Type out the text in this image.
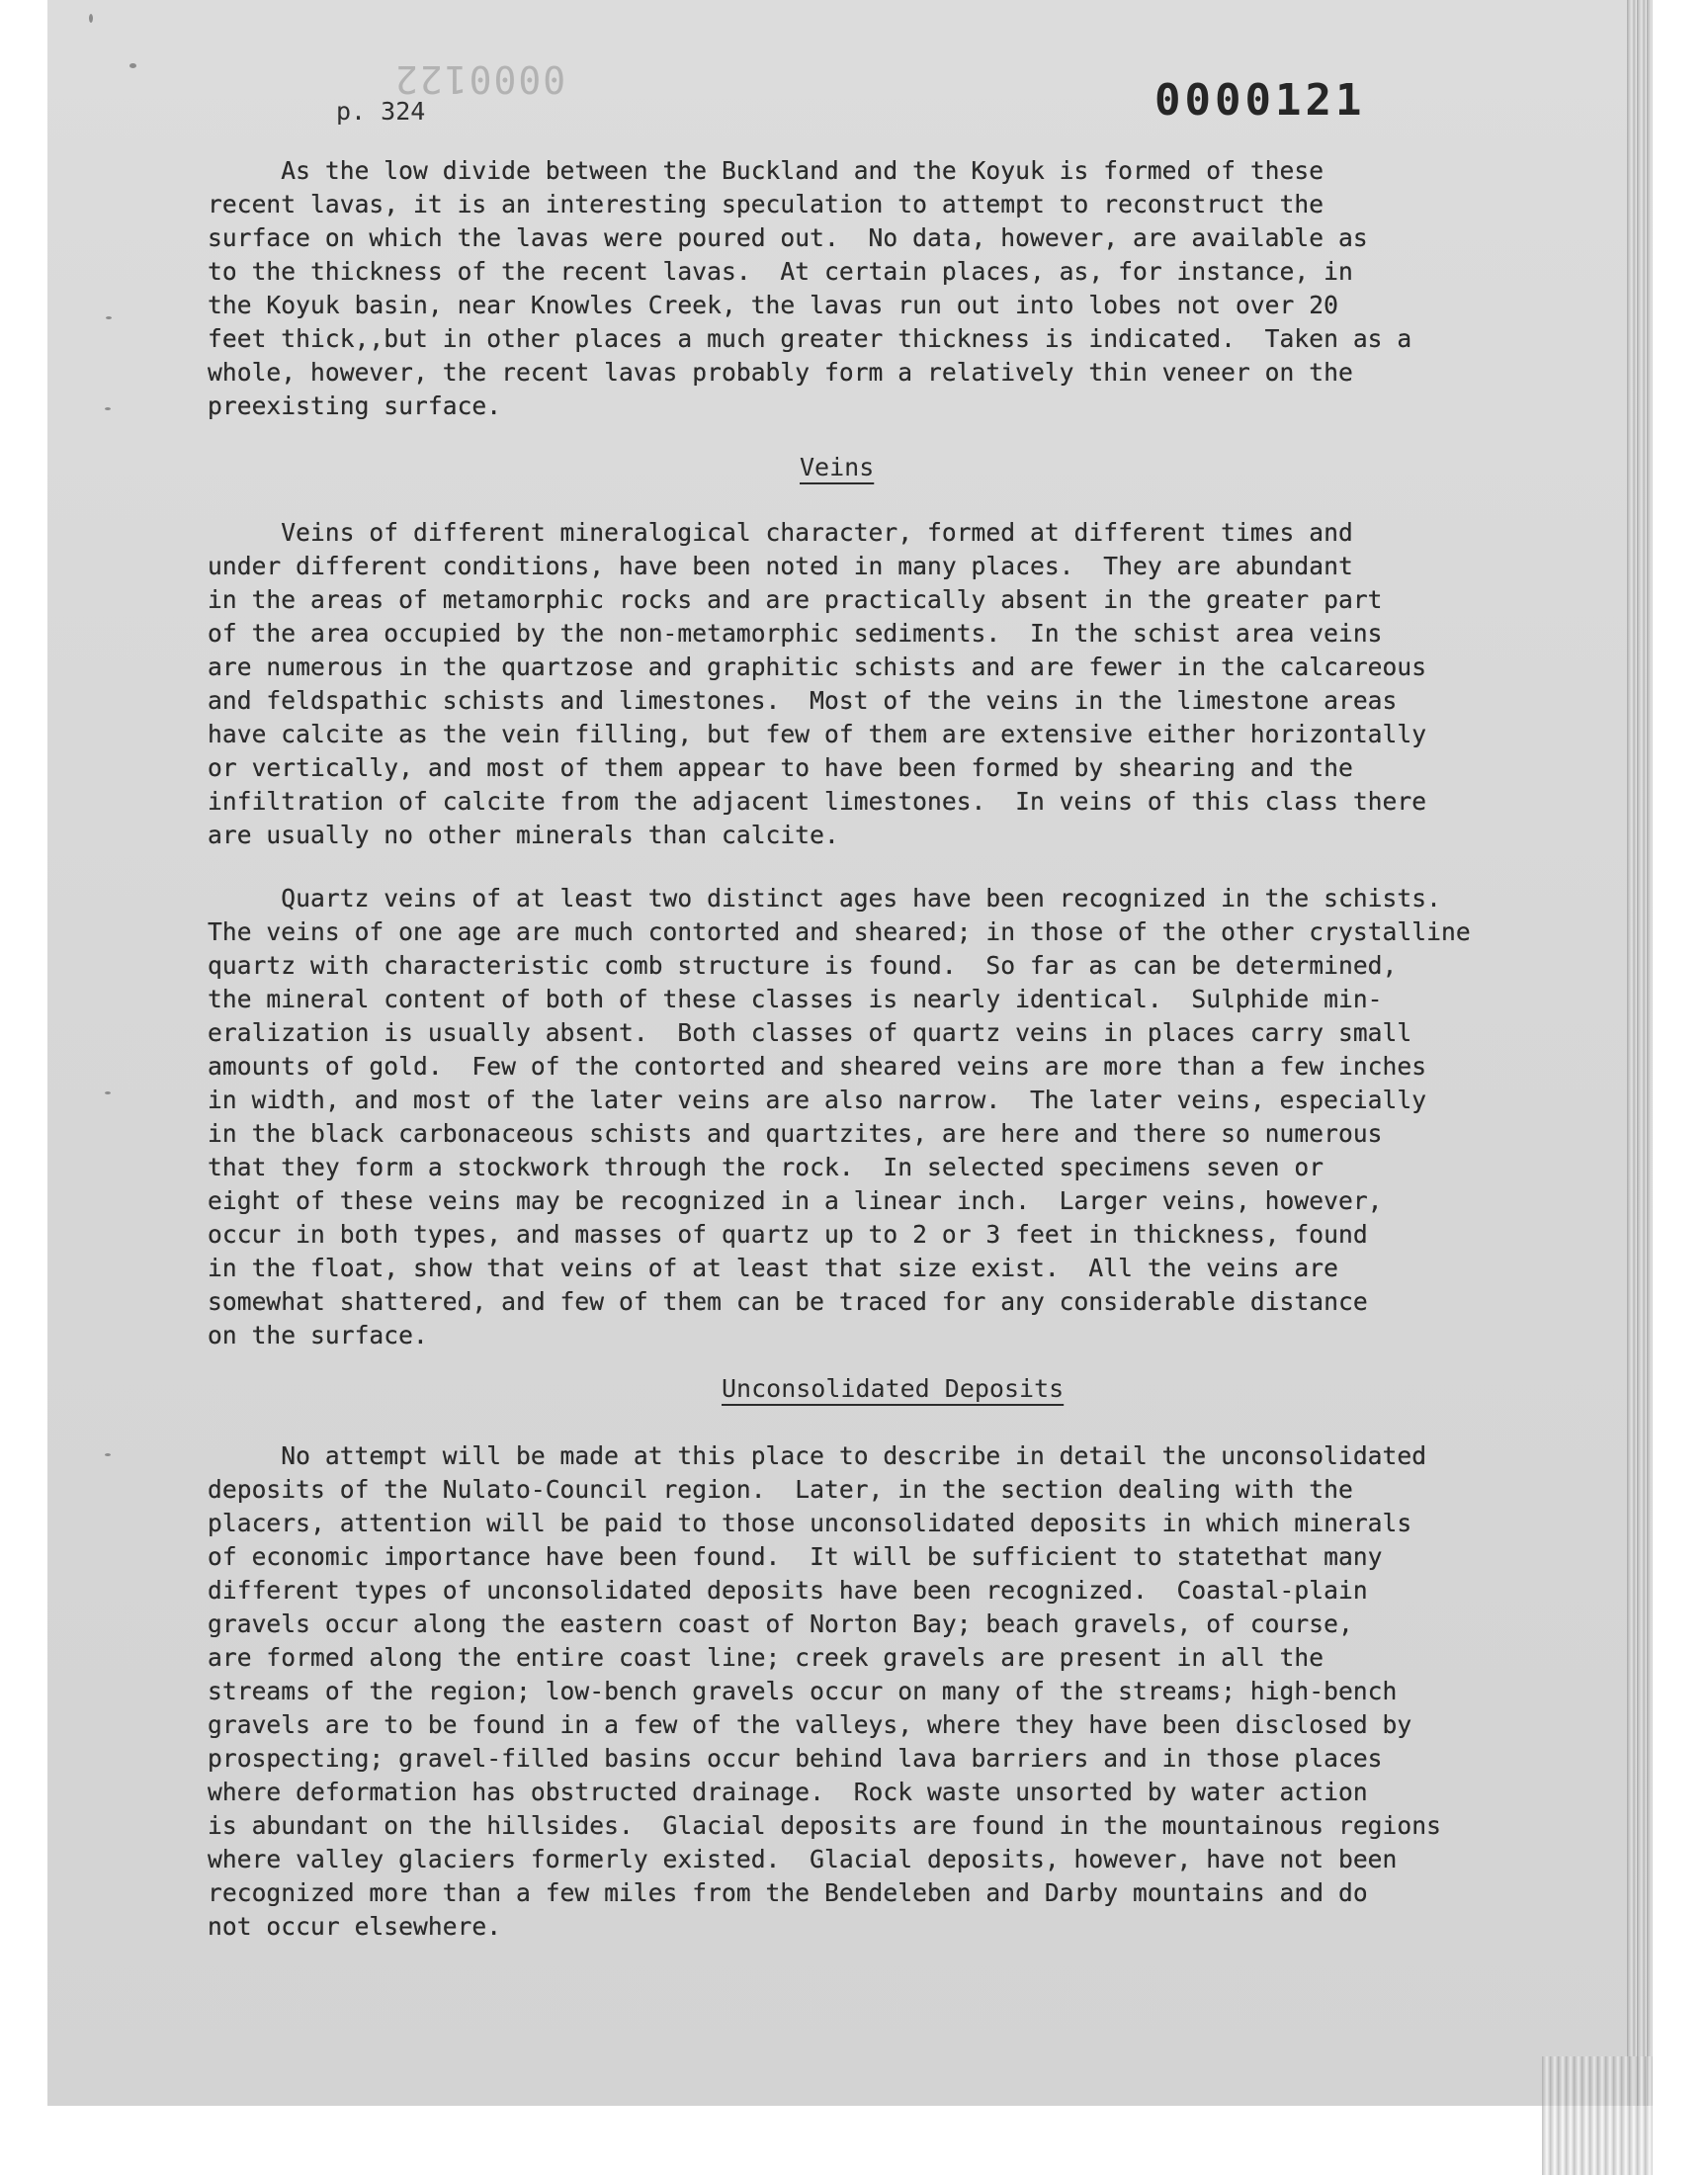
0000122
p. 324	0000121
As the low divide between the Buckland and the Koyuk is formed of these
recent lavas, it is an interesting speculation to attempt to reconstruct the
surface on which the lavas were poured out.  No data, however, are available as
to the thickness of the recent lavas.  At certain places, as, for instance, in
the Koyuk basin, near Knowles Creek, the lavas run out into lobes not over 20
feet thick,,but in other places a much greater thickness is indicated.  Taken as a
whole, however, the recent lavas probably form a relatively thin veneer on the
preexisting surface.
Veins
Veins of different mineralogical character, formed at different times and
under different conditions, have been noted in many places.  They are abundant
in the areas of metamorphic rocks and are practically absent in the greater part
of the area occupied by the non-metamorphic sediments.  In the schist area veins
are numerous in the quartzose and graphitic schists and are fewer in the calcareous
and feldspathic schists and limestones.  Most of the veins in the limestone areas
have calcite as the vein filling, but few of them are extensive either horizontally
or vertically, and most of them appear to have been formed by shearing and the
infiltration of calcite from the adjacent limestones.  In veins of this class there
are usually no other minerals than calcite.
Quartz veins of at least two distinct ages have been recognized in the schists.
The veins of one age are much contorted and sheared; in those of the other crystalline
quartz with characteristic comb structure is found.  So far as can be determined,
the mineral content of both of these classes is nearly identical.  Sulphide min-
eralization is usually absent.  Both classes of quartz veins in places carry small
amounts of gold.  Few of the contorted and sheared veins are more than a few inches
in width, and most of the later veins are also narrow.  The later veins, especially
in the black carbonaceous schists and quartzites, are here and there so numerous
that they form a stockwork through the rock.  In selected specimens seven or
eight of these veins may be recognized in a linear inch.  Larger veins, however,
occur in both types, and masses of quartz up to 2 or 3 feet in thickness, found
in the float, show that veins of at least that size exist.  All the veins are
somewhat shattered, and few of them can be traced for any considerable distance
on the surface.
Unconsolidated Deposits
No attempt will be made at this place to describe in detail the unconsolidated
deposits of the Nulato-Council region.  Later, in the section dealing with the
placers, attention will be paid to those unconsolidated deposits in which minerals
of economic importance have been found.  It will be sufficient to statethat many
different types of unconsolidated deposits have been recognized.  Coastal-plain
gravels occur along the eastern coast of Norton Bay; beach gravels, of course,
are formed along the entire coast line; creek gravels are present in all the
streams of the region; low-bench gravels occur on many of the streams; high-bench
gravels are to be found in a few of the valleys, where they have been disclosed by
prospecting; gravel-filled basins occur behind lava barriers and in those places
where deformation has obstructed drainage.  Rock waste unsorted by water action
is abundant on the hillsides.  Glacial deposits are found in the mountainous regions
where valley glaciers formerly existed.  Glacial deposits, however, have not been
recognized more than a few miles from the Bendeleben and Darby mountains and do
not occur elsewhere.
